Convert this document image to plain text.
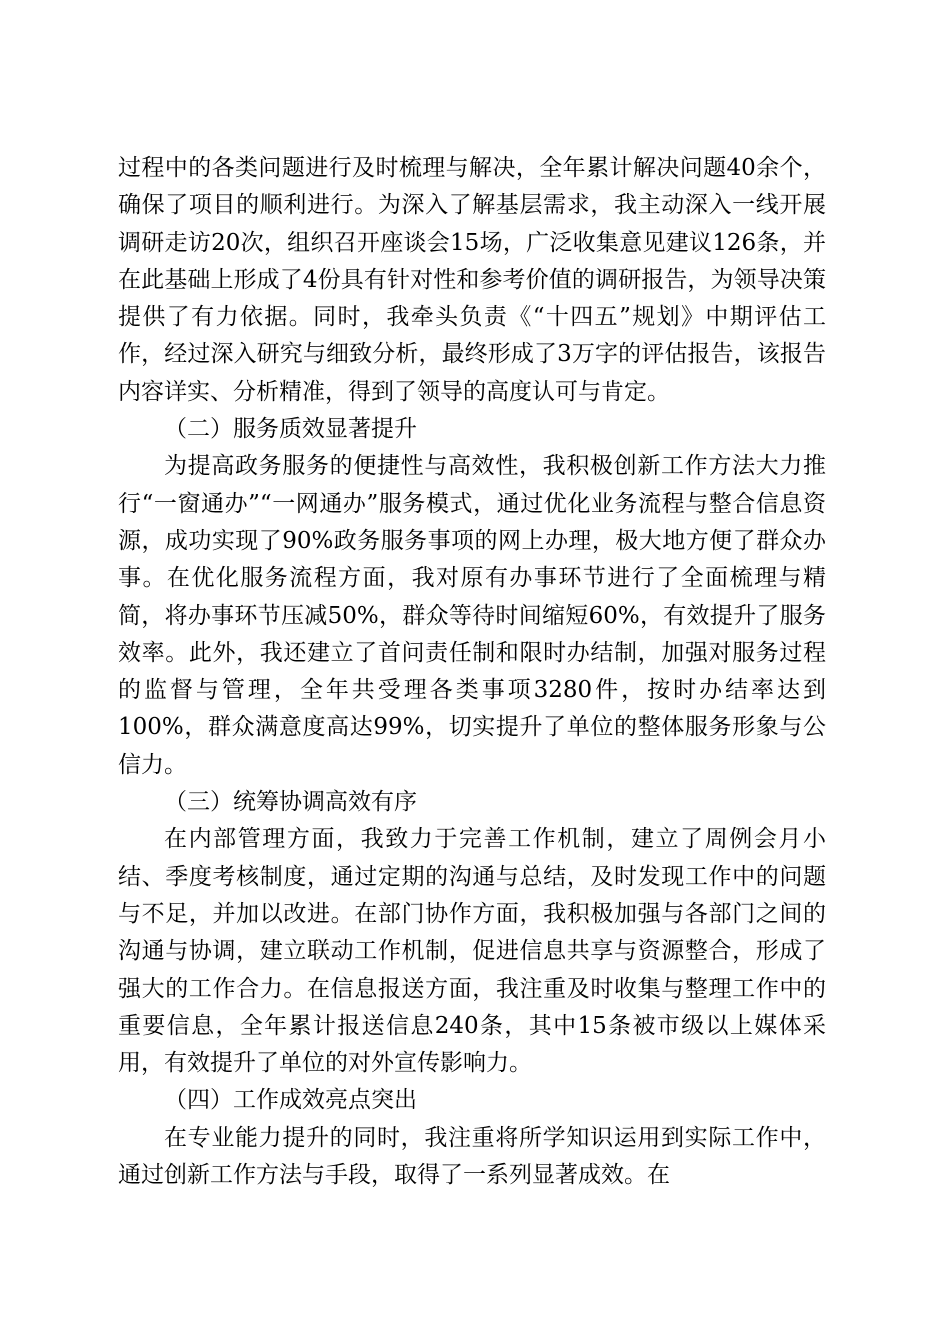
过程中的各类问题进行及时梳理与解决，全年累计解决问题40余个，确保了项目的顺利进行。为深入了解基层需求，我主动深入一线开展调研走访20次，组织召开座谈会15场，广泛收集意见建议126条，并在此基础上形成了4份具有针对性和参考价值的调研报告，为领导决策提供了有力依据。同时，我牵头负责《“十四五”规划》中期评估工作，经过深入研究与细致分析，最终形成了3万字的评估报告，该报告内容详实、分析精准，得到了领导的高度认可与肯定。

（二）服务质效显著提升

为提高政务服务的便捷性与高效性，我积极创新工作方法大力推行“一窗通办”“一网通办”服务模式，通过优化业务流程与整合信息资源，成功实现了90%政务服务事项的网上办理，极大地方便了群众办事。在优化服务流程方面，我对原有办事环节进行了全面梳理与精简，将办事环节压减50%，群众等待时间缩短60%，有效提升了服务效率。此外，我还建立了首问责任制和限时办结制，加强对服务过程的监督与管理，全年共受理各类事项3280件，按时办结率达到100%，群众满意度高达99%，切实提升了单位的整体服务形象与公信力。

（三）统筹协调高效有序

在内部管理方面，我致力于完善工作机制，建立了周例会月小结、季度考核制度，通过定期的沟通与总结，及时发现工作中的问题与不足，并加以改进。在部门协作方面，我积极加强与各部门之间的沟通与协调，建立联动工作机制，促进信息共享与资源整合，形成了强大的工作合力。在信息报送方面，我注重及时收集与整理工作中的重要信息，全年累计报送信息240条，其中15条被市级以上媒体采用，有效提升了单位的对外宣传影响力。

（四）工作成效亮点突出

在专业能力提升的同时，我注重将所学知识运用到实际工作中，通过创新工作方法与手段，取得了一系列显著成效。在
